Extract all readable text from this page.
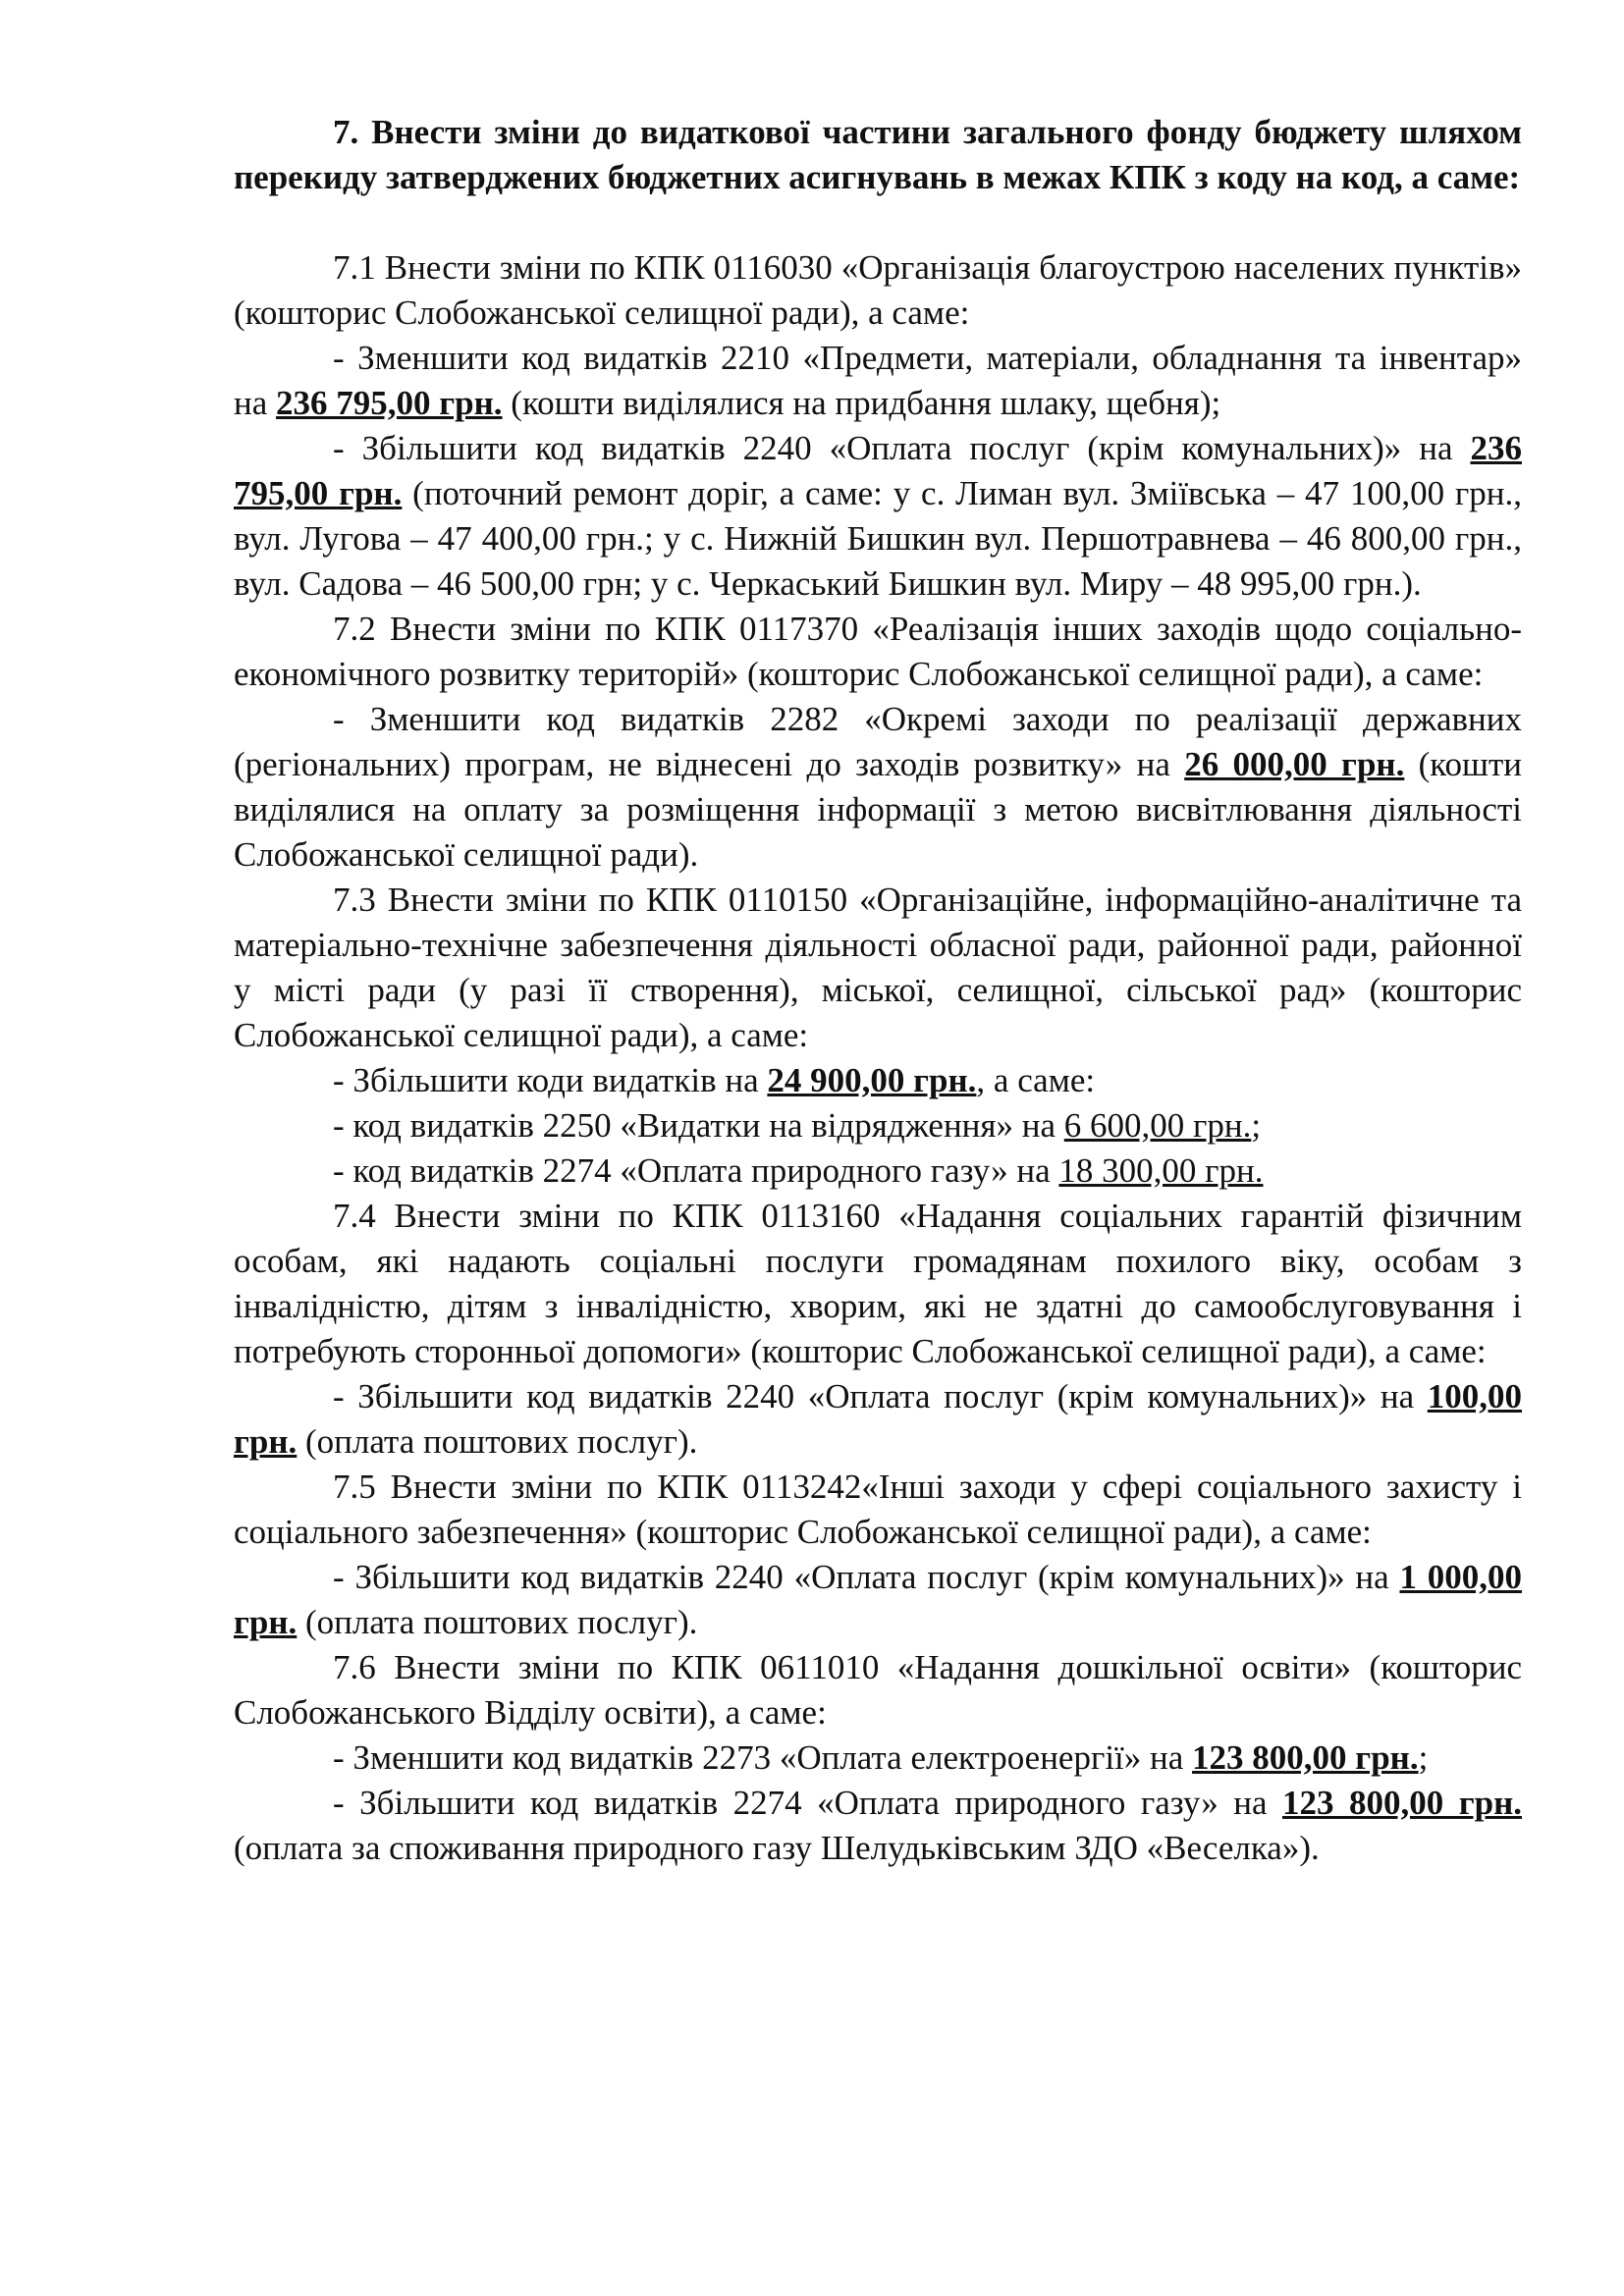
7. Внести зміни до видаткової частини загального фонду бюджету шляхом перекиду затверджених бюджетних асигнувань в межах КПК з коду на код, а саме:

7.1 Внести зміни по КПК 0116030 «Організація благоустрою населених пунктів» (кошторис Слобожанської селищної ради), а саме:

- Зменшити код видатків 2210 «Предмети, матеріали, обладнання та інвентар» на 236 795,00 грн. (кошти виділялися на придбання шлаку, щебня);

- Збільшити код видатків 2240 «Оплата послуг (крім комунальних)» на 236 795,00 грн. (поточний ремонт доріг, а саме: у с. Лиман вул. Зміївська – 47 100,00 грн., вул. Лугова – 47 400,00 грн.; у с. Нижній Бишкин вул. Першотравнева – 46 800,00 грн., вул. Садова – 46 500,00 грн; у с. Черкаський Бишкин вул. Миру – 48 995,00 грн.).

7.2 Внести зміни по КПК 0117370 «Реалізація інших заходів щодо соціально-економічного розвитку територій» (кошторис Слобожанської селищної ради), а саме:

- Зменшити код видатків 2282 «Окремі заходи по реалізації державних (регіональних) програм, не віднесені до заходів розвитку» на 26 000,00 грн. (кошти виділялися на оплату за розміщення інформації з метою висвітлювання діяльності Слобожанської селищної ради).

7.3 Внести зміни по КПК 0110150 «Організаційне, інформаційно-аналітичне та матеріально-технічне забезпечення діяльності обласної ради, районної ради, районної у місті ради (у разі її створення), міської, селищної, сільської рад» (кошторис Слобожанської селищної ради), а саме:

- Збільшити коди видатків на 24 900,00 грн., а саме:

- код видатків 2250 «Видатки на відрядження» на 6 600,00 грн.;

- код видатків 2274 «Оплата природного газу» на 18 300,00 грн.

7.4 Внести зміни по КПК 0113160 «Надання соціальних гарантій фізичним особам, які надають соціальні послуги громадянам похилого віку, особам з інвалідністю, дітям з інвалідністю, хворим, які не здатні до самообслуговування і потребують сторонньої допомоги» (кошторис Слобожанської селищної ради), а саме:

- Збільшити код видатків 2240 «Оплата послуг (крім комунальних)» на 100,00 грн. (оплата поштових послуг).

7.5 Внести зміни по КПК 0113242«Інші заходи у сфері соціального захисту і соціального забезпечення» (кошторис Слобожанської селищної ради), а саме:

- Збільшити код видатків 2240 «Оплата послуг (крім комунальних)» на 1 000,00 грн. (оплата поштових послуг).

7.6 Внести зміни по КПК 0611010 «Надання дошкільної освіти» (кошторис Слобожанського Відділу освіти), а саме:

- Зменшити код видатків 2273 «Оплата електроенергії» на 123 800,00 грн.;

- Збільшити код видатків 2274 «Оплата природного газу» на 123 800,00 грн. (оплата за споживання природного газу Шелудьківським ЗДО «Веселка»).
